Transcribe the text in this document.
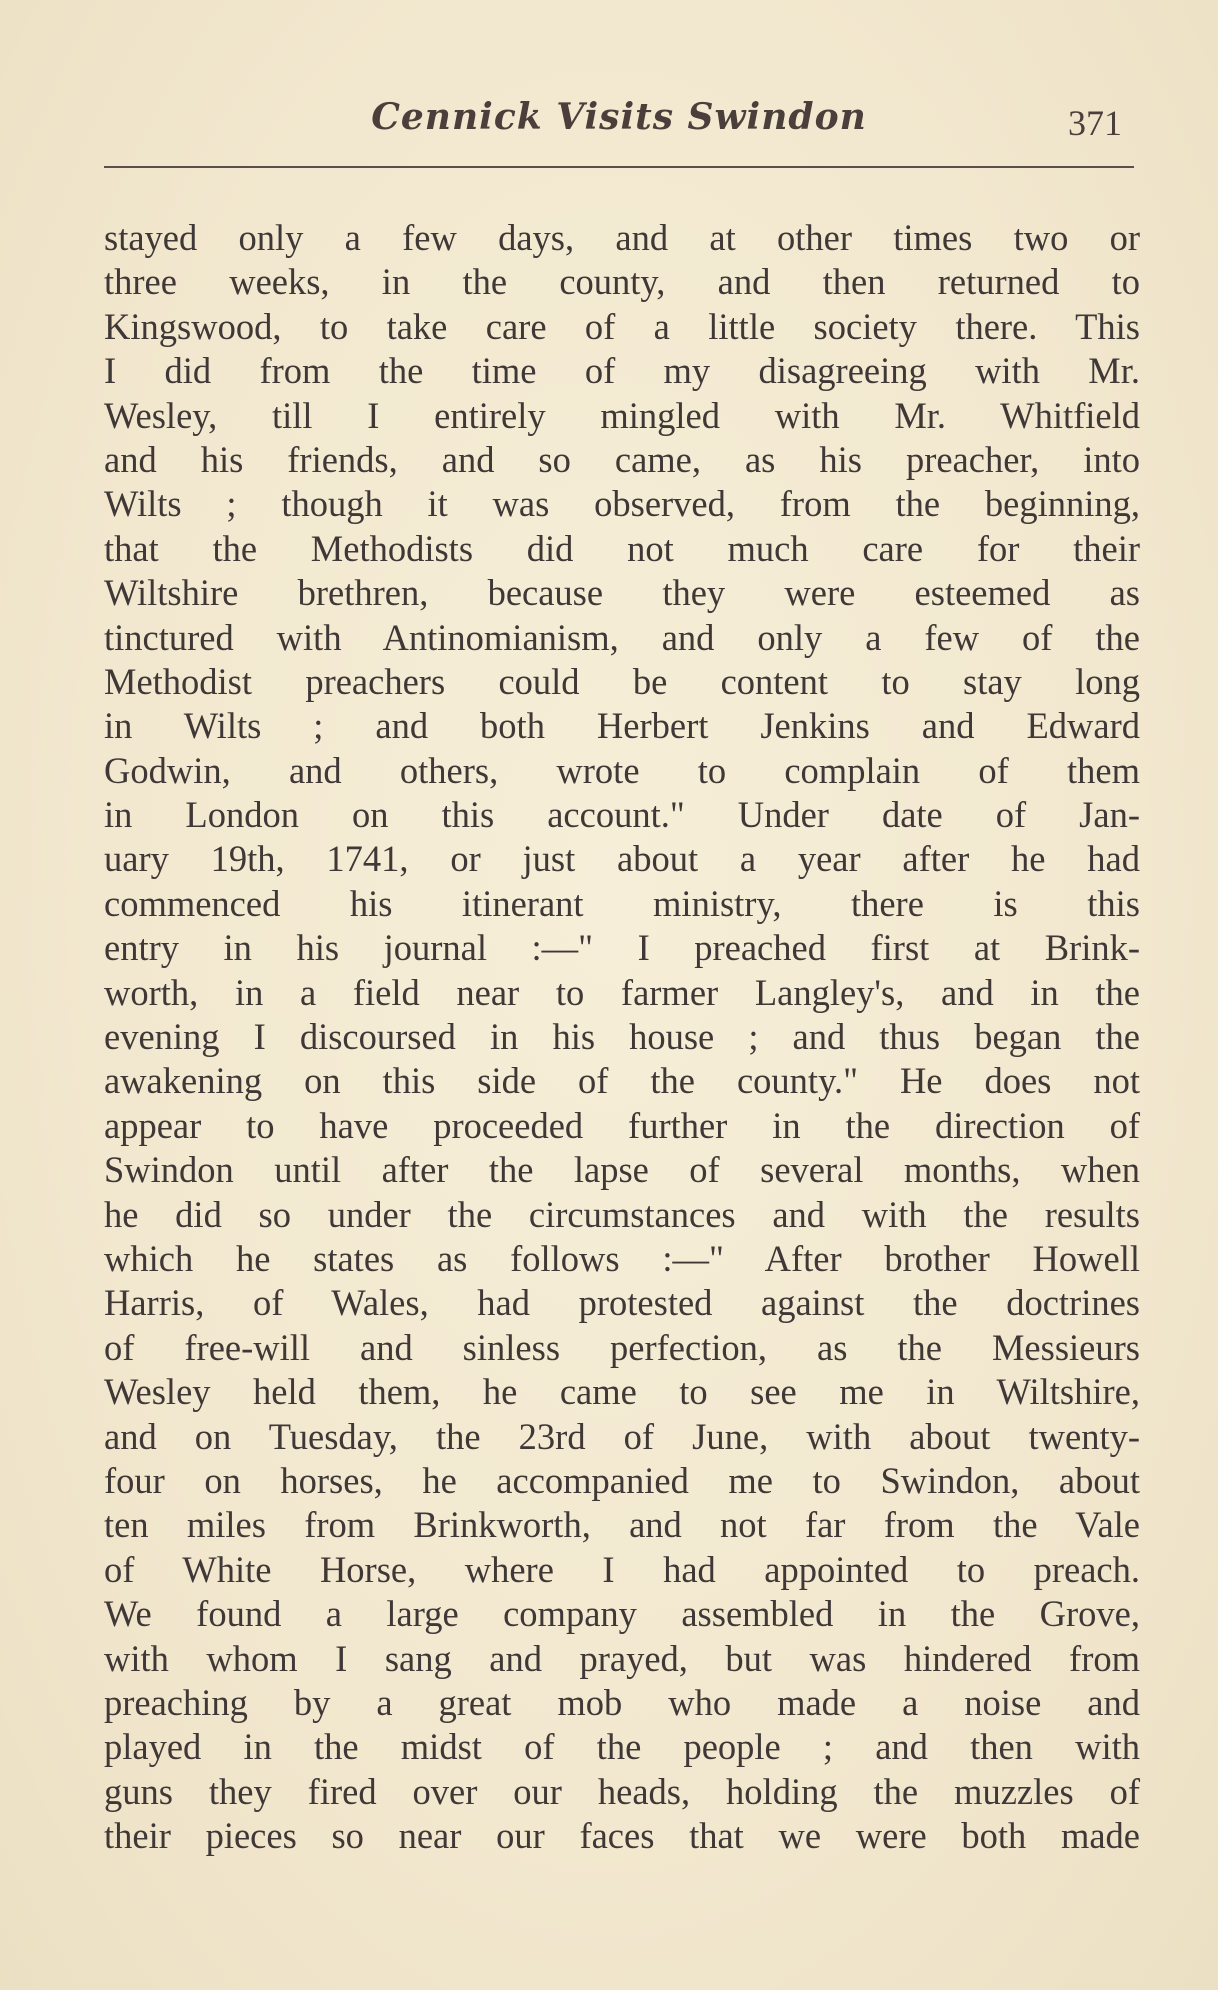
Cennick Visits Swindon	371
stayed only a few days, and at other times two or
three weeks, in the county, and then returned to
Kingswood, to take care of a little society there. This
I did from the time of my disagreeing with Mr.
Wesley, till I entirely mingled with Mr. Whitfield
and his friends, and so came, as his preacher, into
Wilts ; though it was observed, from the beginning,
that the Methodists did not much care for their
Wiltshire brethren, because they were esteemed as
tinctured with Antinomianism, and only a few of the
Methodist preachers could be content to stay long
in Wilts ; and both Herbert Jenkins and Edward
Godwin, and others, wrote to complain of them
in London on this account." Under date of Jan-
uary 19th, 1741, or just about a year after he had
commenced his itinerant ministry, there is this
entry in his journal :—" I preached first at Brink-
worth, in a field near to farmer Langley's, and in the
evening I discoursed in his house ; and thus began the
awakening on this side of the county." He does not
appear to have proceeded further in the direction of
Swindon until after the lapse of several months, when
he did so under the circumstances and with the results
which he states as follows :—" After brother Howell
Harris, of Wales, had protested against the doctrines
of free-will and sinless perfection, as the Messieurs
Wesley held them, he came to see me in Wiltshire,
and on Tuesday, the 23rd of June, with about twenty-
four on horses, he accompanied me to Swindon, about
ten miles from Brinkworth, and not far from the Vale
of White Horse, where I had appointed to preach.
We found a large company assembled in the Grove,
with whom I sang and prayed, but was hindered from
preaching by a great mob who made a noise and
played in the midst of the people ; and then with
guns they fired over our heads, holding the muzzles of
their pieces so near our faces that we were both made
